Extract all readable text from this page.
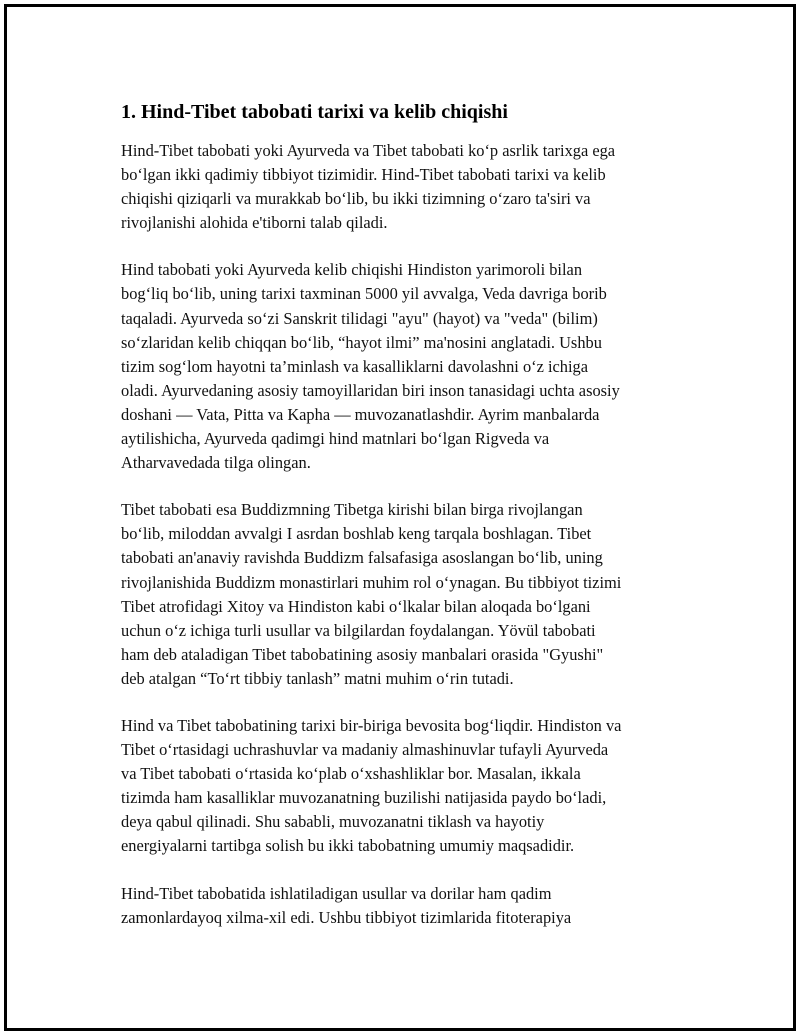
1. Hind-Tibet tabobati tarixi va kelib chiqishi

Hind-Tibet tabobati yoki Ayurveda va Tibet tabobati ko‘p asrlik tarixga ega
bo‘lgan ikki qadimiy tibbiyot tizimidir. Hind-Tibet tabobati tarixi va kelib
chiqishi qiziqarli va murakkab bo‘lib, bu ikki tizimning o‘zaro ta'siri va
rivojlanishi alohida e'tiborni talab qiladi.

Hind tabobati yoki Ayurveda kelib chiqishi Hindiston yarimoroli bilan
bog‘liq bo‘lib, uning tarixi taxminan 5000 yil avvalga, Veda davriga borib
taqaladi. Ayurveda so‘zi Sanskrit tilidagi "ayu" (hayot) va "veda" (bilim)
so‘zlaridan kelib chiqqan bo‘lib, “hayot ilmi” ma'nosini anglatadi. Ushbu
tizim sog‘lom hayotni ta’minlash va kasalliklarni davolashni o‘z ichiga
oladi. Ayurvedaning asosiy tamoyillaridan biri inson tanasidagi uchta asosiy
doshani — Vata, Pitta va Kapha — muvozanatlashdir. Ayrim manbalarda
aytilishicha, Ayurveda qadimgi hind matnlari bo‘lgan Rigveda va
Atharvavedada tilga olingan.

Tibet tabobati esa Buddizmning Tibetga kirishi bilan birga rivojlangan
bo‘lib, miloddan avvalgi I asrdan boshlab keng tarqala boshlagan. Tibet
tabobati an'anaviy ravishda Buddizm falsafasiga asoslangan bo‘lib, uning
rivojlanishida Buddizm monastirlari muhim rol o‘ynagan. Bu tibbiyot tizimi
Tibet atrofidagi Xitoy va Hindiston kabi o‘lkalar bilan aloqada bo‘lgani
uchun o‘z ichiga turli usullar va bilgilardan foydalangan. Yövül tabobati
ham deb ataladigan Tibet tabobatining asosiy manbalari orasida "Gyushi"
deb atalgan “To‘rt tibbiy tanlash” matni muhim o‘rin tutadi.

Hind va Tibet tabobatining tarixi bir-biriga bevosita bog‘liqdir. Hindiston va
Tibet o‘rtasidagi uchrashuvlar va madaniy almashinuvlar tufayli Ayurveda
va Tibet tabobati o‘rtasida ko‘plab o‘xshashliklar bor. Masalan, ikkala
tizimda ham kasalliklar muvozanatning buzilishi natijasida paydo bo‘ladi,
deya qabul qilinadi. Shu sababli, muvozanatni tiklash va hayotiy
energiyalarni tartibga solish bu ikki tabobatning umumiy maqsadidir.

Hind-Tibet tabobatida ishlatiladigan usullar va dorilar ham qadim
zamonlardayoq xilma-xil edi. Ushbu tibbiyot tizimlarida fitoterapiya
